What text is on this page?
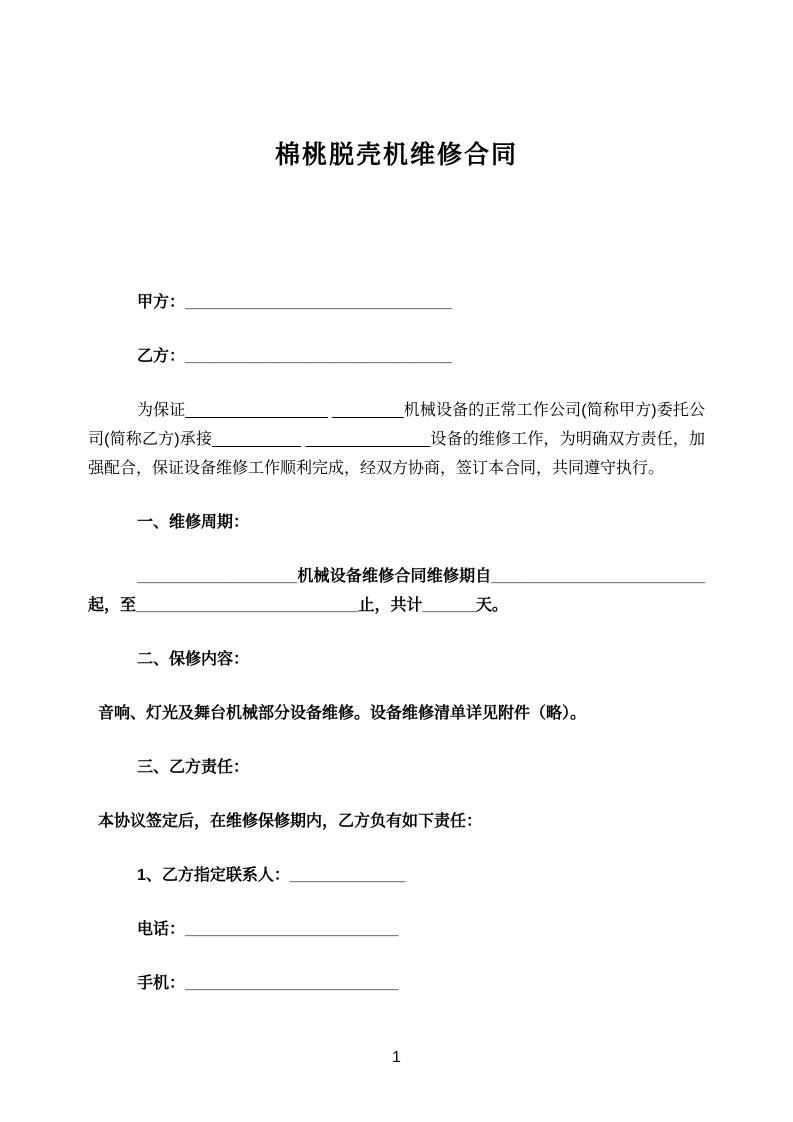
棉桃脱壳机维修合同

甲方：______________________________

乙方：______________________________

为保证________________ ________机械设备的正常工作公司(简称甲方)委托公司(简称乙方)承接__________ ______________设备的维修工作，为明确双方责任，加强配合，保证设备维修工作顺利完成，经双方协商，签订本合同，共同遵守执行。

一、维修周期：

__________________机械设备维修合同维修期自________________________起，至_________________________止，共计______天。

二、保修内容：

音响、灯光及舞台机械部分设备维修。设备维修清单详见附件（略）。

三、乙方责任：

本协议签定后，在维修保修期内，乙方负有如下责任：

1、乙方指定联系人：_____________

电话：________________________

手机：________________________

1
